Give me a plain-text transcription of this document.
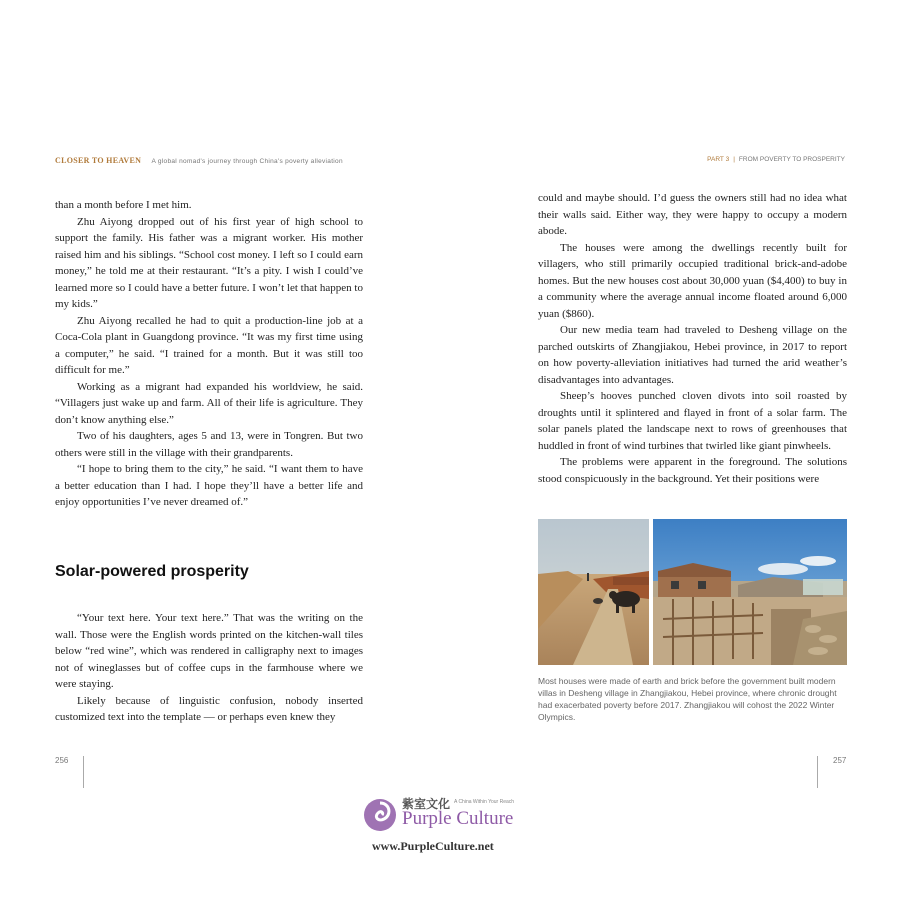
CLOSER TO HEAVEN A global nomad's journey through China's poverty alleviation	PART 3 | FROM POVERTY TO PROSPERITY

than a month before I met him.

Zhu Aiyong dropped out of his first year of high school to support the family. His father was a migrant worker. His mother raised him and his siblings. “School cost money. I left so I could earn money,” he told me at their restaurant. “It’s a pity. I wish I could’ve learned more so I could have a better future. I won’t let that happen to my kids.”

Zhu Aiyong recalled he had to quit a production-line job at a Coca-Cola plant in Guangdong province. “It was my first time using a computer,” he said. “I trained for a month. But it was still too difficult for me.”

Working as a migrant had expanded his worldview, he said. “Villagers just wake up and farm. All of their life is agriculture. They don’t know anything else.”

Two of his daughters, ages 5 and 13, were in Tongren. But two others were still in the village with their grandparents.

“I hope to bring them to the city,” he said. “I want them to have a better education than I had. I hope they’ll have a better life and enjoy opportunities I’ve never dreamed of.”

Solar-powered prosperity

“Your text here. Your text here.” That was the writing on the wall. Those were the English words printed on the kitchen-wall tiles below “red wine”, which was rendered in calligraphy next to images not of wineglasses but of coffee cups in the farmhouse where we were staying.

Likely because of linguistic confusion, nobody inserted customized text into the template — or perhaps even knew they

could and maybe should. I’d guess the owners still had no idea what their walls said. Either way, they were happy to occupy a modern abode.

The houses were among the dwellings recently built for villagers, who still primarily occupied traditional brick-and-adobe homes. But the new houses cost about 30,000 yuan ($4,400) to buy in a community where the average annual income floated around 6,000 yuan ($860).

Our new media team had traveled to Desheng village on the parched outskirts of Zhangjiakou, Hebei province, in 2017 to report on how poverty-alleviation initiatives had turned the arid weather’s disadvantages into advantages.

Sheep’s hooves punched cloven divots into soil roasted by droughts until it splintered and flayed in front of a solar farm. The solar panels plated the landscape next to rows of greenhouses that huddled in front of wind turbines that twirled like giant pinwheels.

The problems were apparent in the foreground. The solutions stood conspicuously in the background. Yet their positions were

Most houses were made of earth and brick before the government built modern villas in Desheng village in Zhangjiakou, Hebei province, where chronic drought had exacerbated poverty before 2017. Zhangjiakou will cohost the 2022 Winter Olympics.
256	257
紫室文化 A China Within Your Reach
Purple Culture
www.PurpleCulture.net
